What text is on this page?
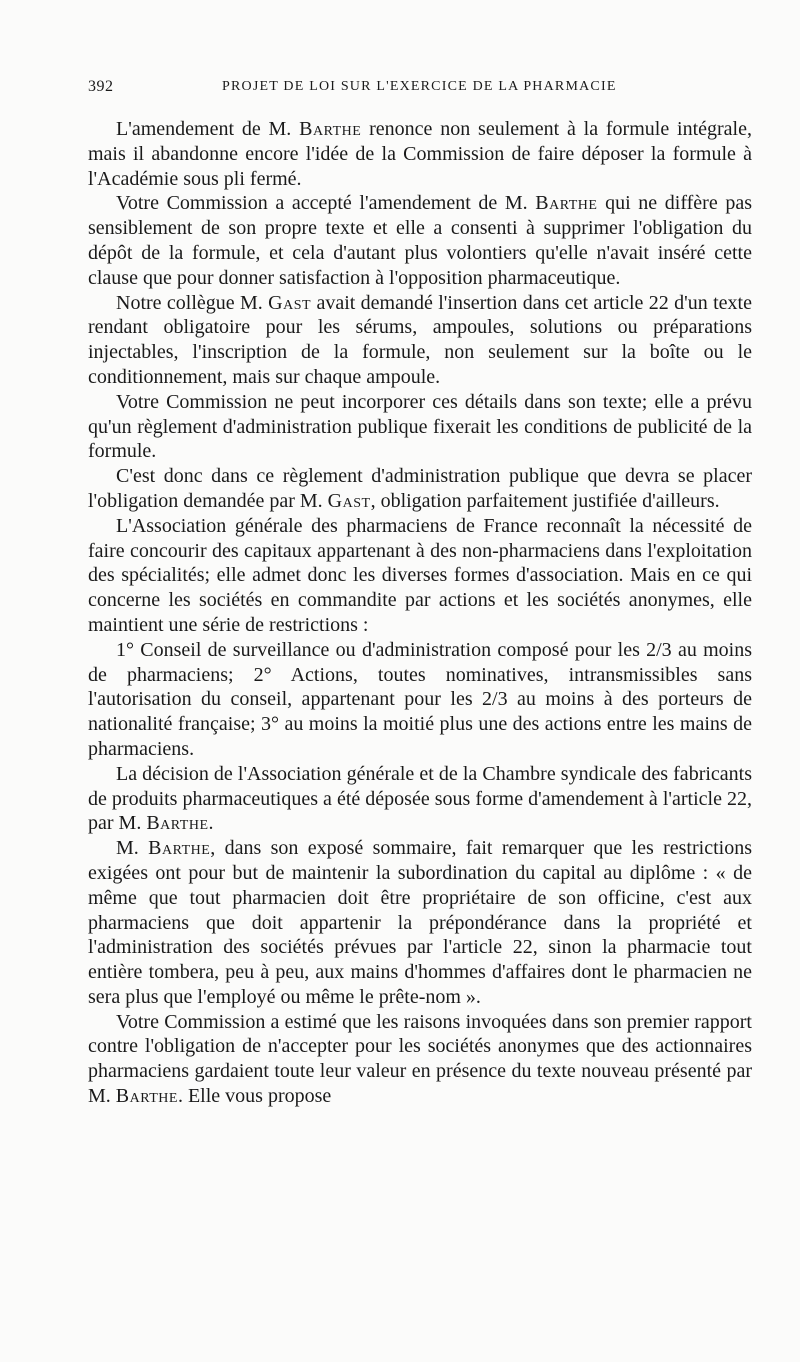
392	PROJET DE LOI SUR L'EXERCICE DE LA PHARMACIE

L'amendement de M. Barthe renonce non seulement à la formule intégrale, mais il abandonne encore l'idée de la Commission de faire déposer la formule à l'Académie sous pli fermé.

Votre Commission a accepté l'amendement de M. Barthe qui ne diffère pas sensiblement de son propre texte et elle a consenti à supprimer l'obligation du dépôt de la formule, et cela d'autant plus volontiers qu'elle n'avait inséré cette clause que pour donner satisfaction à l'opposition pharmaceutique.

Notre collègue M. Gast avait demandé l'insertion dans cet article 22 d'un texte rendant obligatoire pour les sérums, ampoules, solutions ou préparations injectables, l'inscription de la formule, non seulement sur la boîte ou le conditionnement, mais sur chaque ampoule.

Votre Commission ne peut incorporer ces détails dans son texte; elle a prévu qu'un règlement d'administration publique fixerait les conditions de publicité de la formule.

C'est donc dans ce règlement d'administration publique que devra se placer l'obligation demandée par M. Gast, obligation parfaitement justifiée d'ailleurs.

L'Association générale des pharmaciens de France reconnaît la nécessité de faire concourir des capitaux appartenant à des non-pharmaciens dans l'exploitation des spécialités; elle admet donc les diverses formes d'association. Mais en ce qui concerne les sociétés en commandite par actions et les sociétés anonymes, elle maintient une série de restrictions :

1° Conseil de surveillance ou d'administration composé pour les 2/3 au moins de pharmaciens; 2° Actions, toutes nominatives, intransmissibles sans l'autorisation du conseil, appartenant pour les 2/3 au moins à des porteurs de nationalité française; 3° au moins la moitié plus une des actions entre les mains de pharmaciens.

La décision de l'Association générale et de la Chambre syndicale des fabricants de produits pharmaceutiques a été déposée sous forme d'amendement à l'article 22, par M. Barthe.

M. Barthe, dans son exposé sommaire, fait remarquer que les restrictions exigées ont pour but de maintenir la subordination du capital au diplôme : « de même que tout pharmacien doit être propriétaire de son officine, c'est aux pharmaciens que doit appartenir la prépondérance dans la propriété et l'administration des sociétés prévues par l'article 22, sinon la pharmacie tout entière tombera, peu à peu, aux mains d'hommes d'affaires dont le pharmacien ne sera plus que l'employé ou même le prête-nom ».

Votre Commission a estimé que les raisons invoquées dans son premier rapport contre l'obligation de n'accepter pour les sociétés anonymes que des actionnaires pharmaciens gardaient toute leur valeur en présence du texte nouveau présenté par M. Barthe. Elle vous propose
